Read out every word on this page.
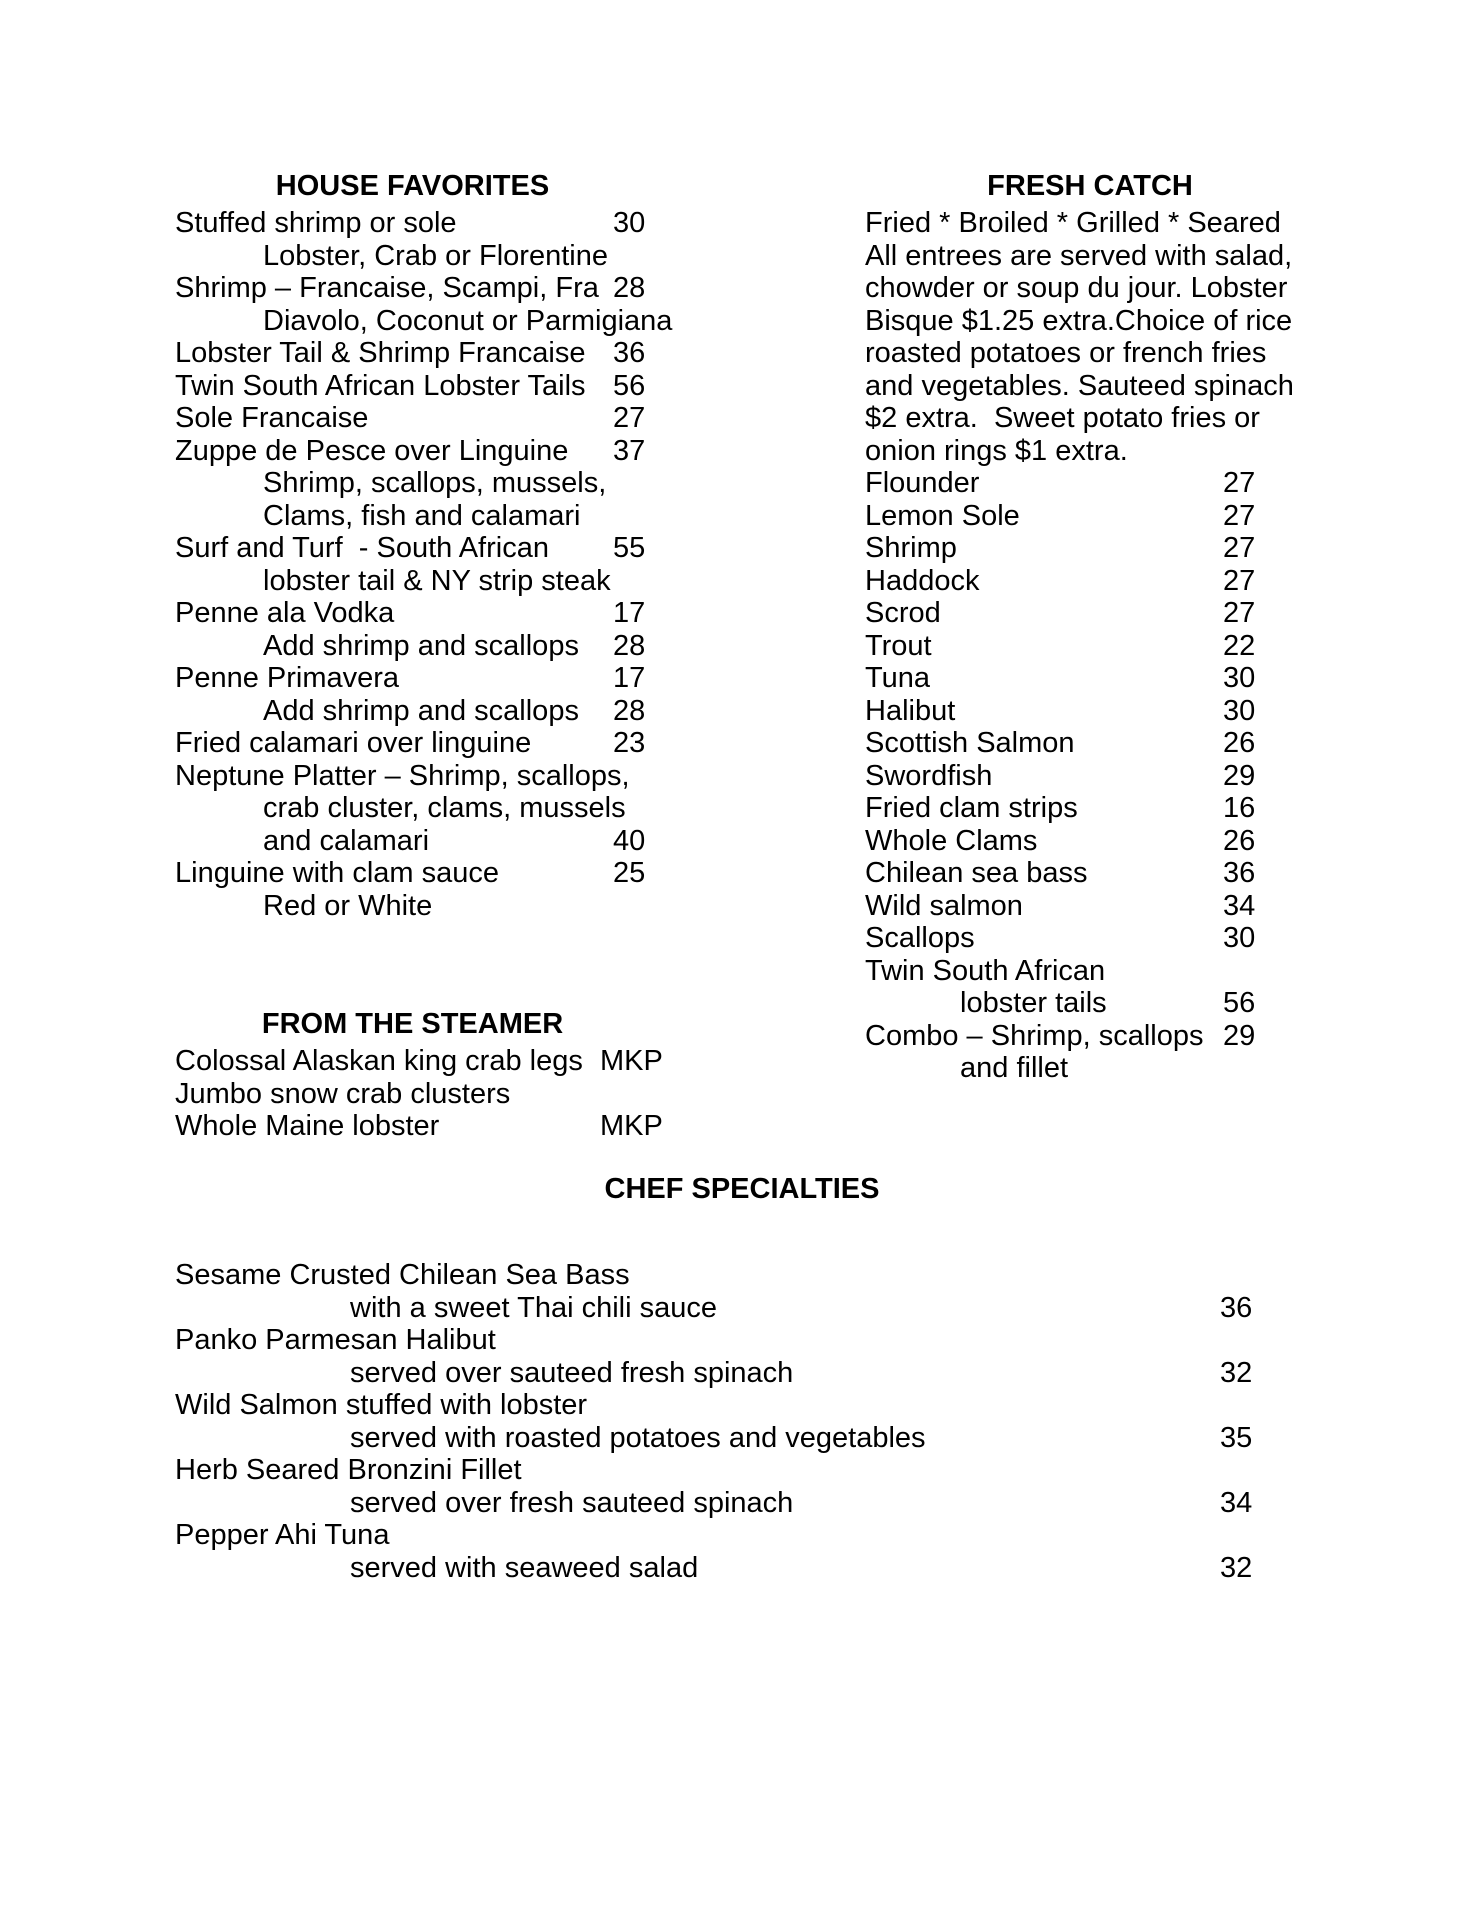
HOUSE FAVORITES
Stuffed shrimp or sole	30
Lobster, Crab or Florentine
Shrimp – Francaise, Scampi, Fra 28
Diavolo, Coconut or Parmigiana
Lobster Tail & Shrimp Francaise 36
Twin South African Lobster Tails 56
Sole Francaise	27
Zuppe de Pesce over Linguine 37
Shrimp, scallops, mussels,
Clams, fish and calamari
Surf and Turf  - South African 55
lobster tail & NY strip steak
Penne ala Vodka	17
Add shrimp and scallops 28
Penne Primavera	17
Add shrimp and scallops 28
Fried calamari over linguine	23
Neptune Platter – Shrimp, scallops,
crab cluster, clams, mussels
and calamari	40
Linguine with clam sauce	25
Red or White
FRESH CATCH
Fried * Broiled * Grilled * Seared
All entrees are served with salad,
chowder or soup du jour. Lobster
Bisque $1.25 extra.Choice of rice
roasted potatoes or french fries
and vegetables. Sauteed spinach
$2 extra.  Sweet potato fries or
onion rings $1 extra.
Flounder	27
Lemon Sole	27
Shrimp	27
Haddock	27
Scrod	27
Trout	22
Tuna	30
Halibut	30
Scottish Salmon	26
Swordfish	29
Fried clam strips	16
Whole Clams	26
Chilean sea bass	36
Wild salmon	34
Scallops	30
Twin South African
lobster tails	56
Combo – Shrimp, scallops 29
and fillet
FROM THE STEAMER
Colossal Alaskan king crab legs MKP
Jumbo snow crab clusters
Whole Maine lobster	MKP
CHEF SPECIALTIES
Sesame Crusted Chilean Sea Bass
with a sweet Thai chili sauce	36
Panko Parmesan Halibut
served over sauteed fresh spinach	32
Wild Salmon stuffed with lobster
served with roasted potatoes and vegetables	35
Herb Seared Bronzini Fillet
served over fresh sauteed spinach	34
Pepper Ahi Tuna
served with seaweed salad	32
